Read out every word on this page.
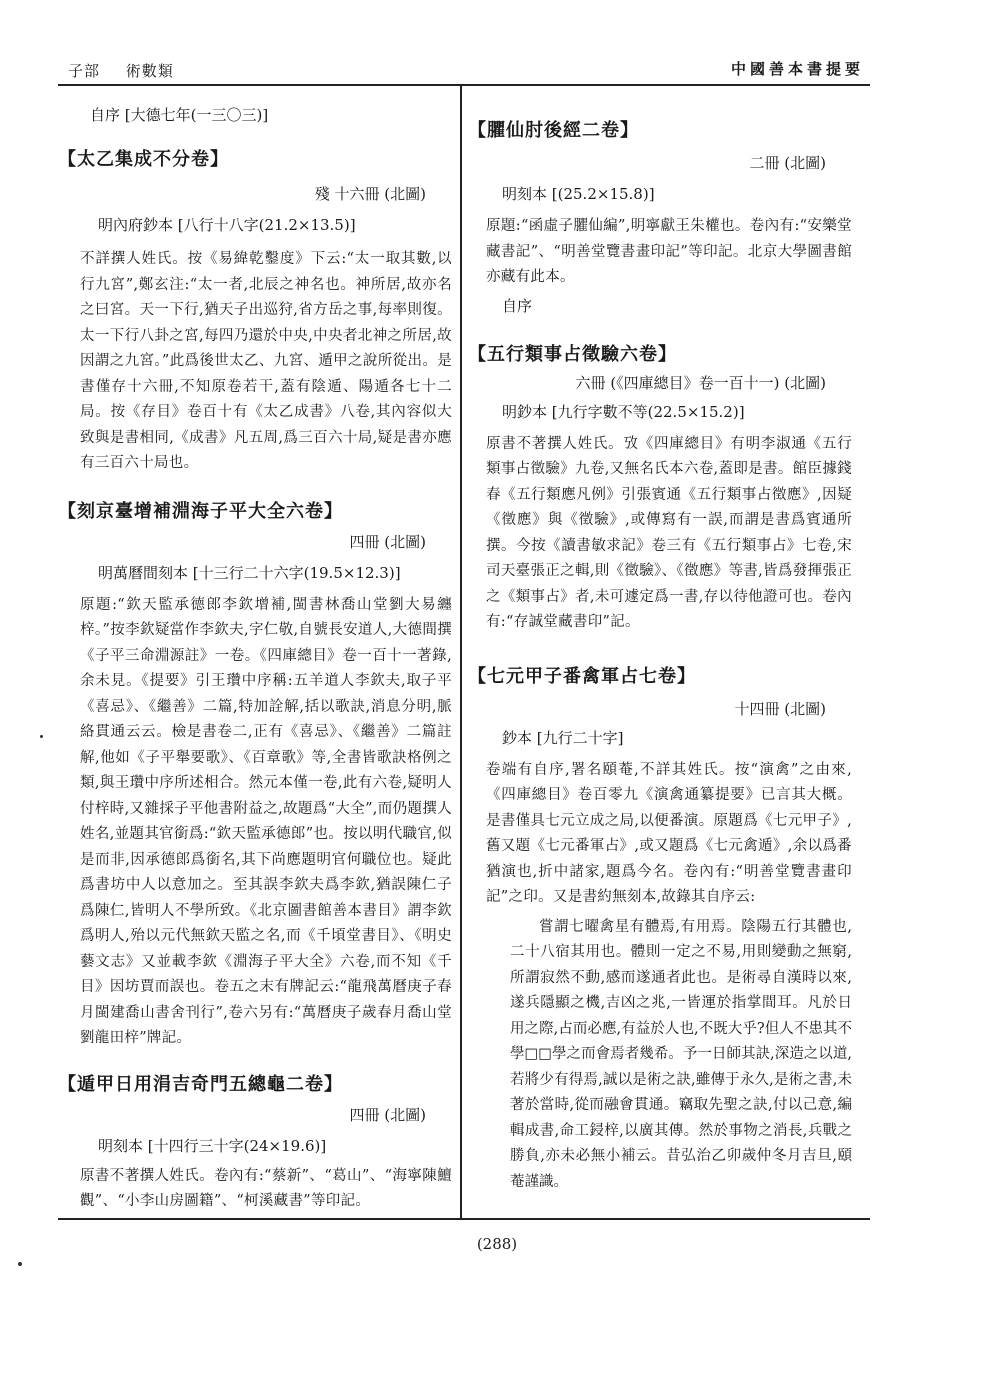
子部 術數類	中國善本書提要
自序 [大德七年(一三〇三)]
【太乙集成不分卷】
殘 十六冊 (北圖)
明內府鈔本 [八行十八字(21.2×13.5)]

不詳撰人姓氏。按《易緯乾鑿度》下云:“太一取其數,以行九宮”,鄭玄注:“太一者,北辰之神名也。神所居,故亦名之曰宮。天一下行,猶天子出巡狩,省方岳之事,每率則復。太一下行八卦之宮,每四乃還於中央,中央者北神之所居,故因謂之九宮。”此爲後世太乙、九宮、遁甲之說所從出。是書僅存十六冊,不知原卷若干,蓋有陰遁、陽遁各七十二局。按《存目》卷百十有《太乙成書》八卷,其內容似大致與是書相同,《成書》凡五周,爲三百六十局,疑是書亦應有三百六十局也。

【刻京臺增補淵海子平大全六卷】
四冊 (北圖)
明萬曆間刻本 [十三行二十六字(19.5×12.3)]

原題:“欽天監承德郎李欽增補,閩書林喬山堂劉大易纏梓。”按李欽疑當作李欽夫,字仁敬,自號長安道人,大德間撰《子平三命淵源註》一卷。《四庫總目》卷一百十一著錄,余未見。《提要》引王瓚中序稱:五羊道人李欽夫,取子平《喜忌》、《繼善》二篇,特加詮解,括以歌訣,消息分明,脈絡貫通云云。檢是書卷二,正有《喜忌》、《繼善》二篇註解,他如《子平舉要歌》、《百章歌》等,全書皆歌訣格例之類,與王瓚中序所述相合。然元本僅一卷,此有六卷,疑明人付梓時,又雜採子平他書附益之,故題爲“大全”,而仍題撰人姓名,並題其官銜爲:“欽天監承德郎”也。按以明代職官,似是而非,因承德郎爲銜名,其下尚應題明官何職位也。疑此爲書坊中人以意加之。至其誤李欽夫爲李欽,猶誤陳仁子爲陳仁,皆明人不學所致。《北京圖書館善本書目》謂李欽爲明人,殆以元代無欽天監之名,而《千頃堂書目》、《明史藝文志》又並載李欽《淵海子平大全》六卷,而不知《千目》因坊賈而誤也。卷五之末有牌記云:“龍飛萬曆庚子春月閩建喬山書舍刊行”,卷六另有:“萬曆庚子歲春月喬山堂劉龍田梓”牌記。

【遁甲日用涓吉奇門五總龜二卷】
四冊 (北圖)
明刻本 [十四行三十字(24×19.6)]

原書不著撰人姓氏。卷內有:“蔡新”、“葛山”、“海寧陳鱣觀”、“小李山房圖籍”、“柯溪藏書”等印記。

【臞仙肘後經二卷】
二冊 (北圖)
明刻本 [(25.2×15.8)]

原題:“函虛子臞仙編”,明寧獻王朱權也。卷內有:“安樂堂藏書記”、“明善堂覽書畫印記”等印記。北京大學圖書館亦藏有此本。

自序
【五行類事占徵驗六卷】
六冊 (《四庫總目》卷一百十一) (北圖)
明鈔本 [九行字數不等(22.5×15.2)]

原書不著撰人姓氏。攷《四庫總目》有明李淑通《五行類事占徵驗》九卷,又無名氏本六卷,蓋即是書。館臣據錢春《五行類應凡例》引張賓通《五行類事占徵應》,因疑《徵應》與《徵驗》,或傳寫有一誤,而謂是書爲賓通所撰。今按《讀書敏求記》卷三有《五行類事占》七卷,宋司天臺張正之輯,則《徵驗》、《徵應》等書,皆爲發揮張正之《類事占》者,未可遽定爲一書,存以待他證可也。卷內有:“存誠堂藏書印”記。

【七元甲子番禽軍占七卷】
十四冊 (北圖)
鈔本 [九行二十字]

卷端有自序,署名頤菴,不詳其姓氏。按“演禽”之由來,《四庫總目》卷百零九《演禽通纂提要》已言其大概。是書僅具七元立成之局,以便番演。原題爲《七元甲子》,舊又題《七元番軍占》,或又題爲《七元禽遁》,余以爲番猶演也,折中諸家,題爲今名。卷內有:“明善堂覽書畫印記”之印。又是書約無刻本,故錄其自序云:

嘗謂七曜禽星有體焉,有用焉。陰陽五行其體也,二十八宿其用也。體則一定之不易,用則變動之無窮,所謂寂然不動,感而遂通者此也。是術尋自漢時以來,遂兵隱顯之機,吉凶之兆,一皆運於指掌間耳。凡於日用之際,占而必應,有益於人也,不既大乎?但人不患其不學□□學之而會焉者幾希。予一日師其訣,深造之以道,若將少有得焉,誠以是術之訣,雖傳于永久,是術之書,未著於當時,從而融會貫通。竊取先聖之訣,付以己意,編輯成書,命工鋟梓,以廣其傳。然於事物之消長,兵戰之勝負,亦未必無小補云。昔弘治乙卯歲仲冬月吉旦,頤菴謹識。

(288)
